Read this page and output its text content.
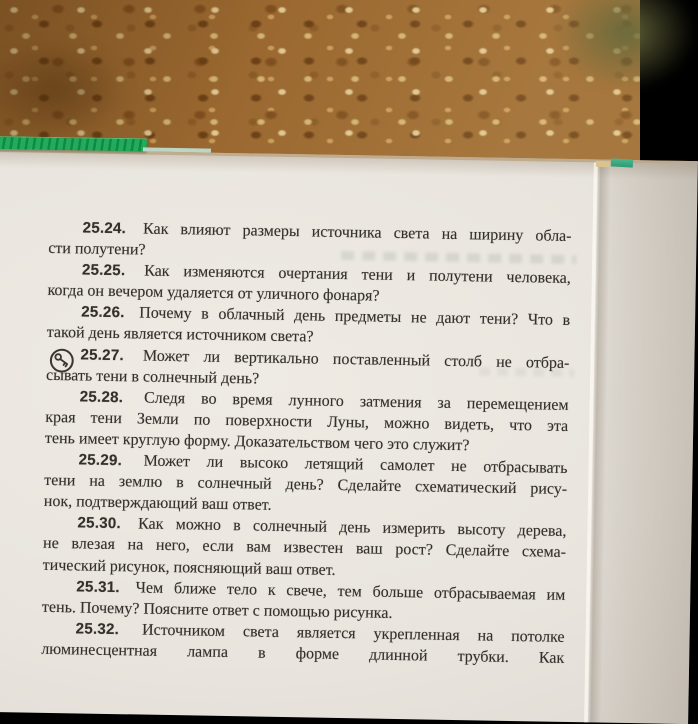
25.24. Как влияют размеры источника света на ширину обла-
сти полутени?
25.25. Как изменяются очертания тени и полутени человека,
когда он вечером удаляется от уличного фонаря?
25.26. Почему в облачный день предметы не дают тени? Что в
такой день является источником света?
25.27. Может ли вертикально поставленный столб не отбра-
сывать тени в солнечный день?
25.28. Следя во время лунного затмения за перемещением
края тени Земли по поверхности Луны, можно видеть, что эта
тень имеет круглую форму. Доказательством чего это служит?
25.29. Может ли высоко летящий самолет не отбрасывать
тени на землю в солнечный день? Сделайте схематический рису-
нок, подтверждающий ваш ответ.
25.30. Как можно в солнечный день измерить высоту дерева,
не влезая на него, если вам известен ваш рост? Сделайте схема-
тический рисунок, поясняющий ваш ответ.
25.31. Чем ближе тело к свече, тем больше отбрасываемая им
тень. Почему? Поясните ответ с помощью рисунка.
25.32. Источником света является укрепленная на потолке
люминесцентная лампа в форме длинной трубки. Как
